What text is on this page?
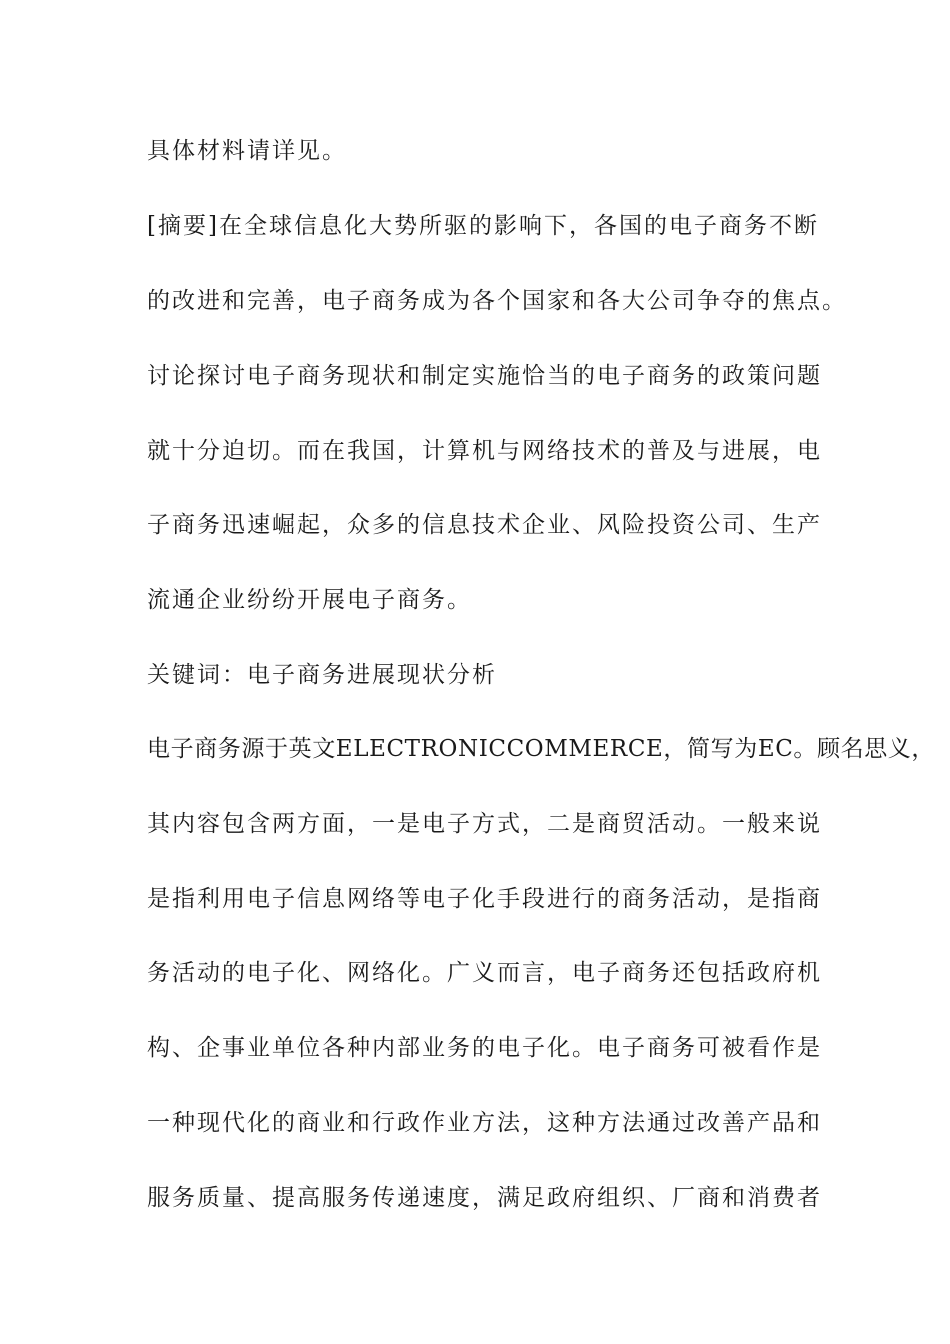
具体材料请详见。
[摘要]在全球信息化大势所驱的影响下，各国的电子商务不断
的改进和完善，电子商务成为各个国家和各大公司争夺的焦点。
讨论探讨电子商务现状和制定实施恰当的电子商务的政策问题
就十分迫切。而在我国，计算机与网络技术的普及与进展，电
子商务迅速崛起，众多的信息技术企业、风险投资公司、生产
流通企业纷纷开展电子商务。
关键词：电子商务进展现状分析
电子商务源于英文ELECTRONICCOMMERCE，简写为EC。顾名思义，
其内容包含两方面，一是电子方式，二是商贸活动。一般来说
是指利用电子信息网络等电子化手段进行的商务活动，是指商
务活动的电子化、网络化。广义而言，电子商务还包括政府机
构、企事业单位各种内部业务的电子化。电子商务可被看作是
一种现代化的商业和行政作业方法，这种方法通过改善产品和
服务质量、提高服务传递速度，满足政府组织、厂商和消费者
